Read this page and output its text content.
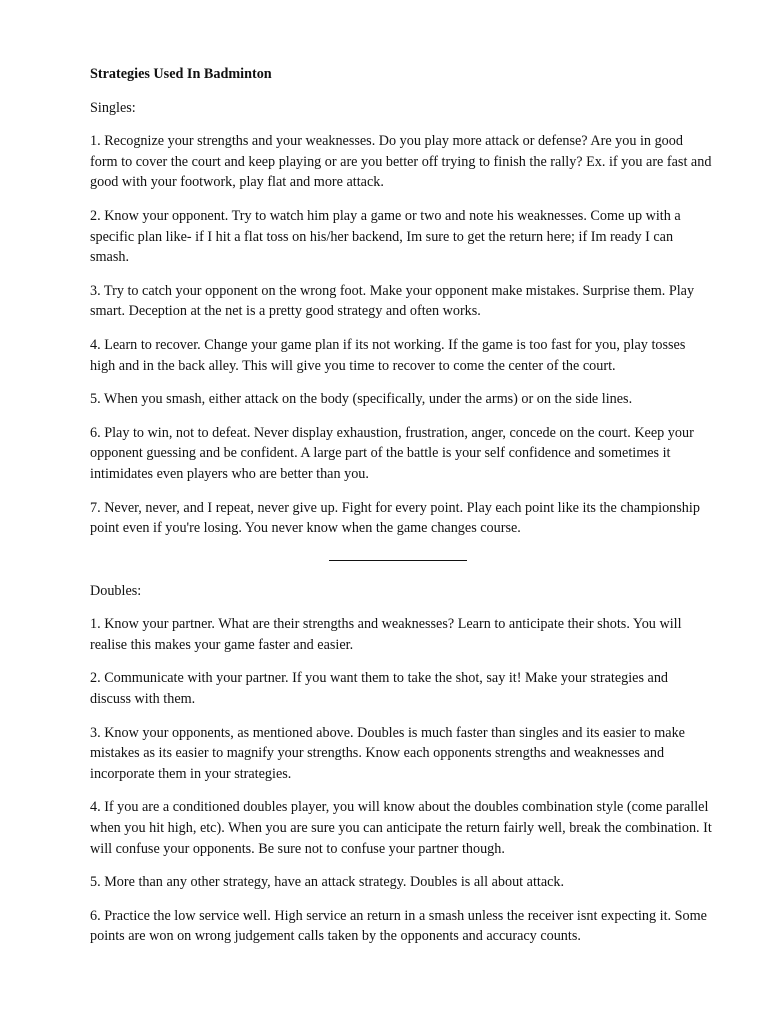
Strategies Used In Badminton
Singles:
1. Recognize your strengths and your weaknesses. Do you play more attack or defense? Are you in good form to cover the court and keep playing or are you better off trying to finish the rally? Ex. if you are fast and good with your footwork, play flat and more attack.
2. Know your opponent. Try to watch him play a game or two and note his weaknesses. Come up with a specific plan like- if I hit a flat toss on his/her backend, Im sure to get the return here; if Im ready I can smash.
3. Try to catch your opponent on the wrong foot. Make your opponent make mistakes. Surprise them. Play smart. Deception at the net is a pretty good strategy and often works.
4. Learn to recover. Change your game plan if its not working. If the game is too fast for you, play tosses high and in the back alley. This will give you time to recover to come the center of the court.
5. When you smash, either attack on the body (specifically, under the arms) or on the side lines.
6. Play to win, not to defeat. Never display exhaustion, frustration, anger, concede on the court. Keep your opponent guessing and be confident. A large part of the battle is your self confidence and sometimes it intimidates even players who are better than you.
7. Never, never, and I repeat, never give up. Fight for every point. Play each point like its the championship point even if you're losing. You never know when the game changes course.
Doubles:
1. Know your partner. What are their strengths and weaknesses? Learn to anticipate their shots. You will realise this makes your game faster and easier.
2. Communicate with your partner. If you want them to take the shot, say it! Make your strategies and discuss with them.
3. Know your opponents, as mentioned above. Doubles is much faster than singles and its easier to make mistakes as its easier to magnify your strengths. Know each opponents strengths and weaknesses and incorporate them in your strategies.
4. If you are a conditioned doubles player, you will know about the doubles combination style (come parallel when you hit high, etc). When you are sure you can anticipate the return fairly well, break the combination. It will confuse your opponents. Be sure not to confuse your partner though.
5. More than any other strategy, have an attack strategy. Doubles is all about attack.
6. Practice the low service well. High service an return in a smash unless the receiver isnt expecting it. Some points are won on wrong judgement calls taken by the opponents and accuracy counts.
